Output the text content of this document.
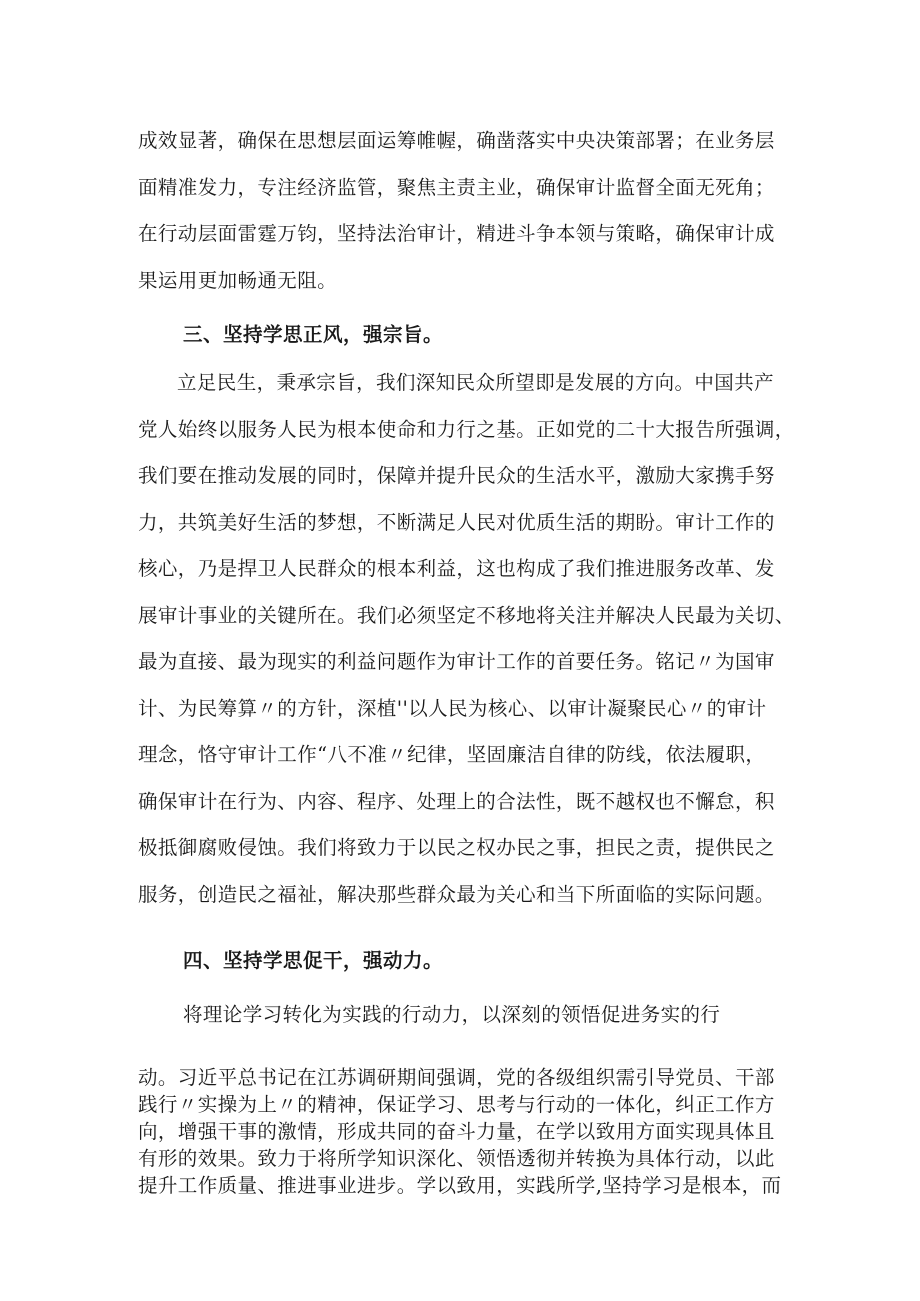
成效显著，确保在思想层面运筹帷幄，确凿落实中央决策部署；在业务层
面精准发力，专注经济监管，聚焦主责主业，确保审计监督全面无死角；
在行动层面雷霆万钧，坚持法治审计，精进斗争本领与策略，确保审计成
果运用更加畅通无阻。
三、坚持学思正风，强宗旨。
立足民生，秉承宗旨，我们深知民众所望即是发展的方向。中国共产
党人始终以服务人民为根本使命和力行之基。正如党的二十大报告所强调，
我们要在推动发展的同时，保障并提升民众的生活水平，激励大家携手努
力，共筑美好生活的梦想，不断满足人民对优质生活的期盼。审计工作的
核心，乃是捍卫人民群众的根本利益，这也构成了我们推进服务改革、发
展审计事业的关键所在。我们必须坚定不移地将关注并解决人民最为关切、
最为直接、最为现实的利益问题作为审计工作的首要任务。铭记〃为国审
计、为民筹算〃的方针，深植''以人民为核心、以审计凝聚民心〃的审计
理念，恪守审计工作“八不准〃纪律，坚固廉洁自律的防线，依法履职，
确保审计在行为、内容、程序、处理上的合法性，既不越权也不懈怠，积
极抵御腐败侵蚀。我们将致力于以民之权办民之事，担民之责，提供民之
服务，创造民之福祉，解决那些群众最为关心和当下所面临的实际问题。
四、坚持学思促干，强动力。
将理论学习转化为实践的行动力，以深刻的领悟促进务实的行
动。习近平总书记在江苏调研期间强调，党的各级组织需引导党员、干部
践行〃实操为上〃的精神，保证学习、思考与行动的一体化，纠正工作方
向，增强干事的激情，形成共同的奋斗力量，在学以致用方面实现具体且
有形的效果。致力于将所学知识深化、领悟透彻并转换为具体行动，以此
提升工作质量、推进事业进步。学以致用，实践所学,坚持学习是根本，而
